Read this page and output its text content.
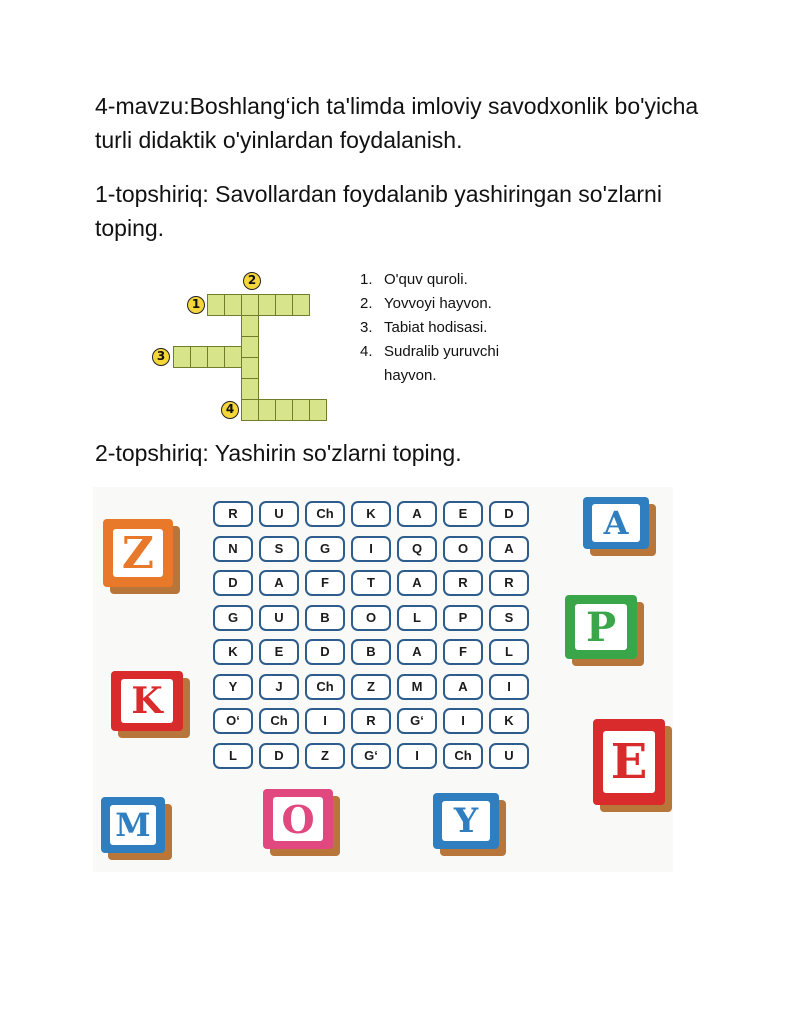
4-mavzu:Boshlang‘ich ta'limda imloviy savodxonlik bo'yicha turli didaktik o'yinlardan foydalanish.

1-topshiriq: Savollardan foydalanib yashiringan so'zlarni toping.

1
2
3
4
1. O'quv quroli.
2. Yovvoyi hayvon.
3. Tabiat hodisasi.
4. Sudralib yuruvchi hayvon.

2-topshiriq: Yashirin so'zlarni toping.

R	U	Ch	K	A	E	D
N	S	G	I	Q	O	A
D	A	F	T	A	R	R
G	U	B	O	L	P	S
K	E	D	B	A	F	L
Y	J	Ch	Z	M	A	I
O‘	Ch	I	R	G‘	I	K
L	D	Z	G‘	I	Ch	U
Z
A
P
K
E
M	O	Y
